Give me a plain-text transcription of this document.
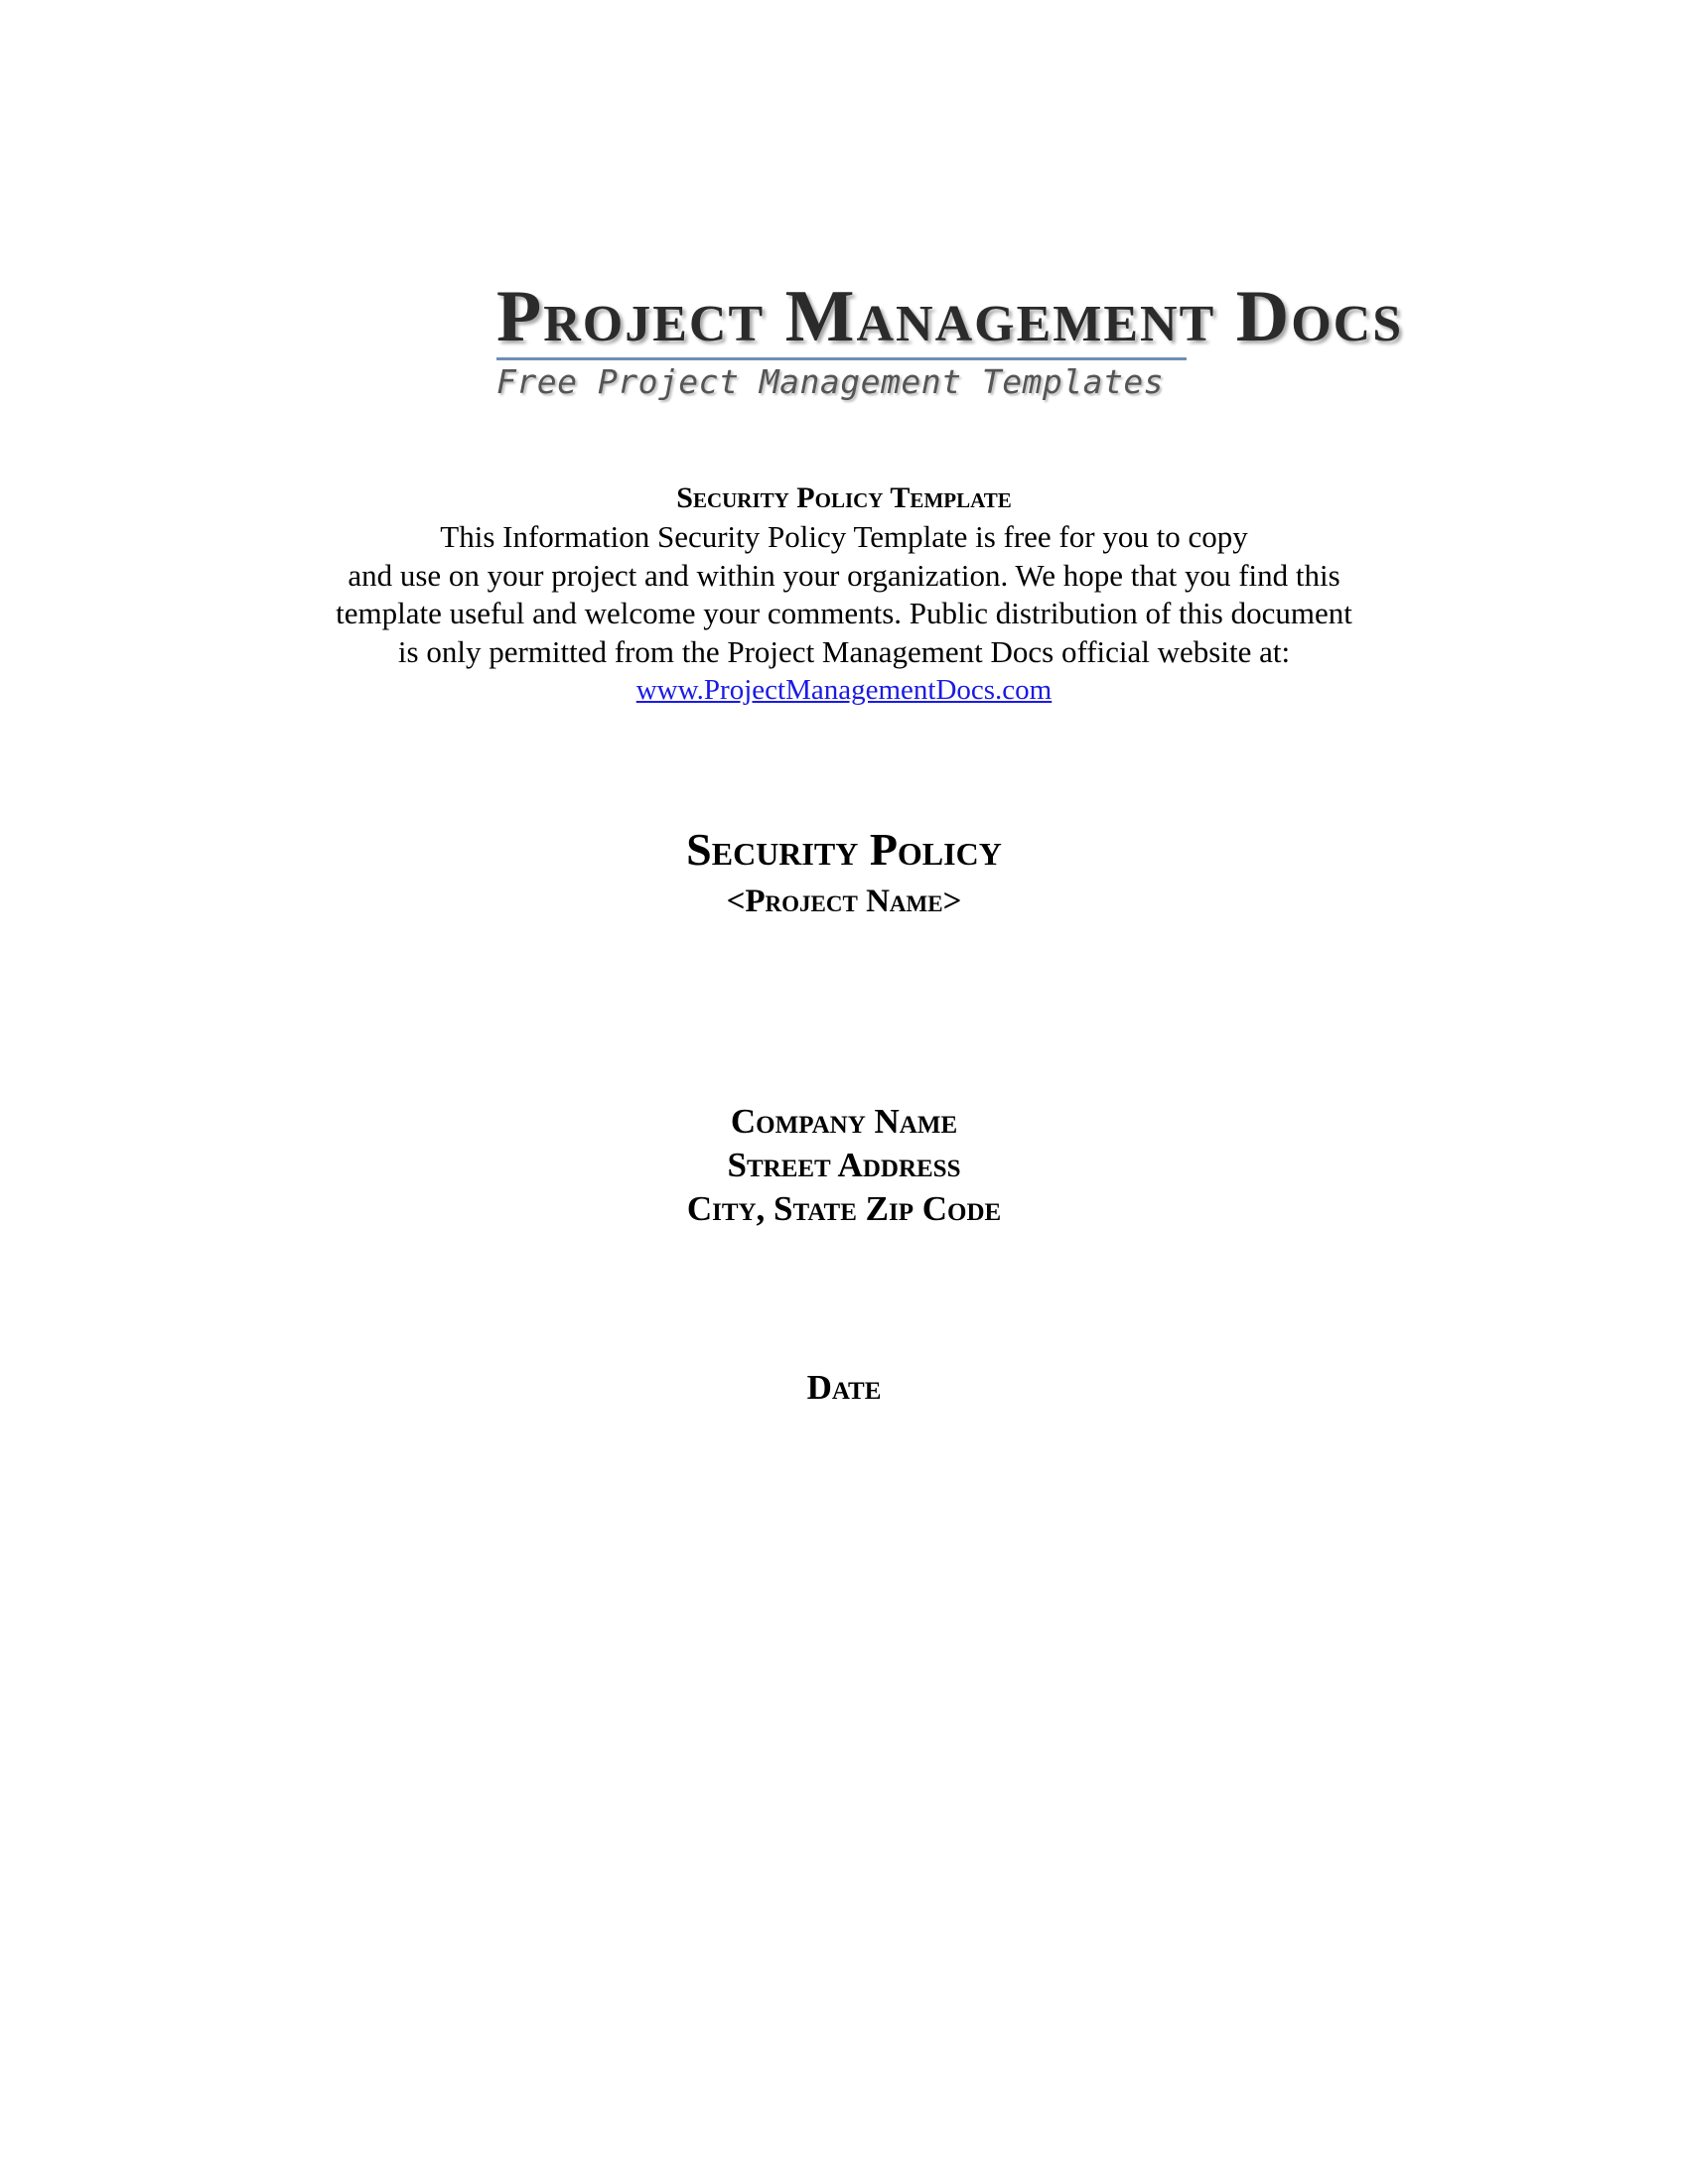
Project Management Docs
Free Project Management Templates
Security Policy Template
This Information Security Policy Template is free for you to copy
and use on your project and within your organization. We hope that you find this
template useful and welcome your comments. Public distribution of this document
is only permitted from the Project Management Docs official website at:
www.ProjectManagementDocs.com
Security Policy
<Project Name>
Company Name
Street Address
City, State Zip Code
Date
